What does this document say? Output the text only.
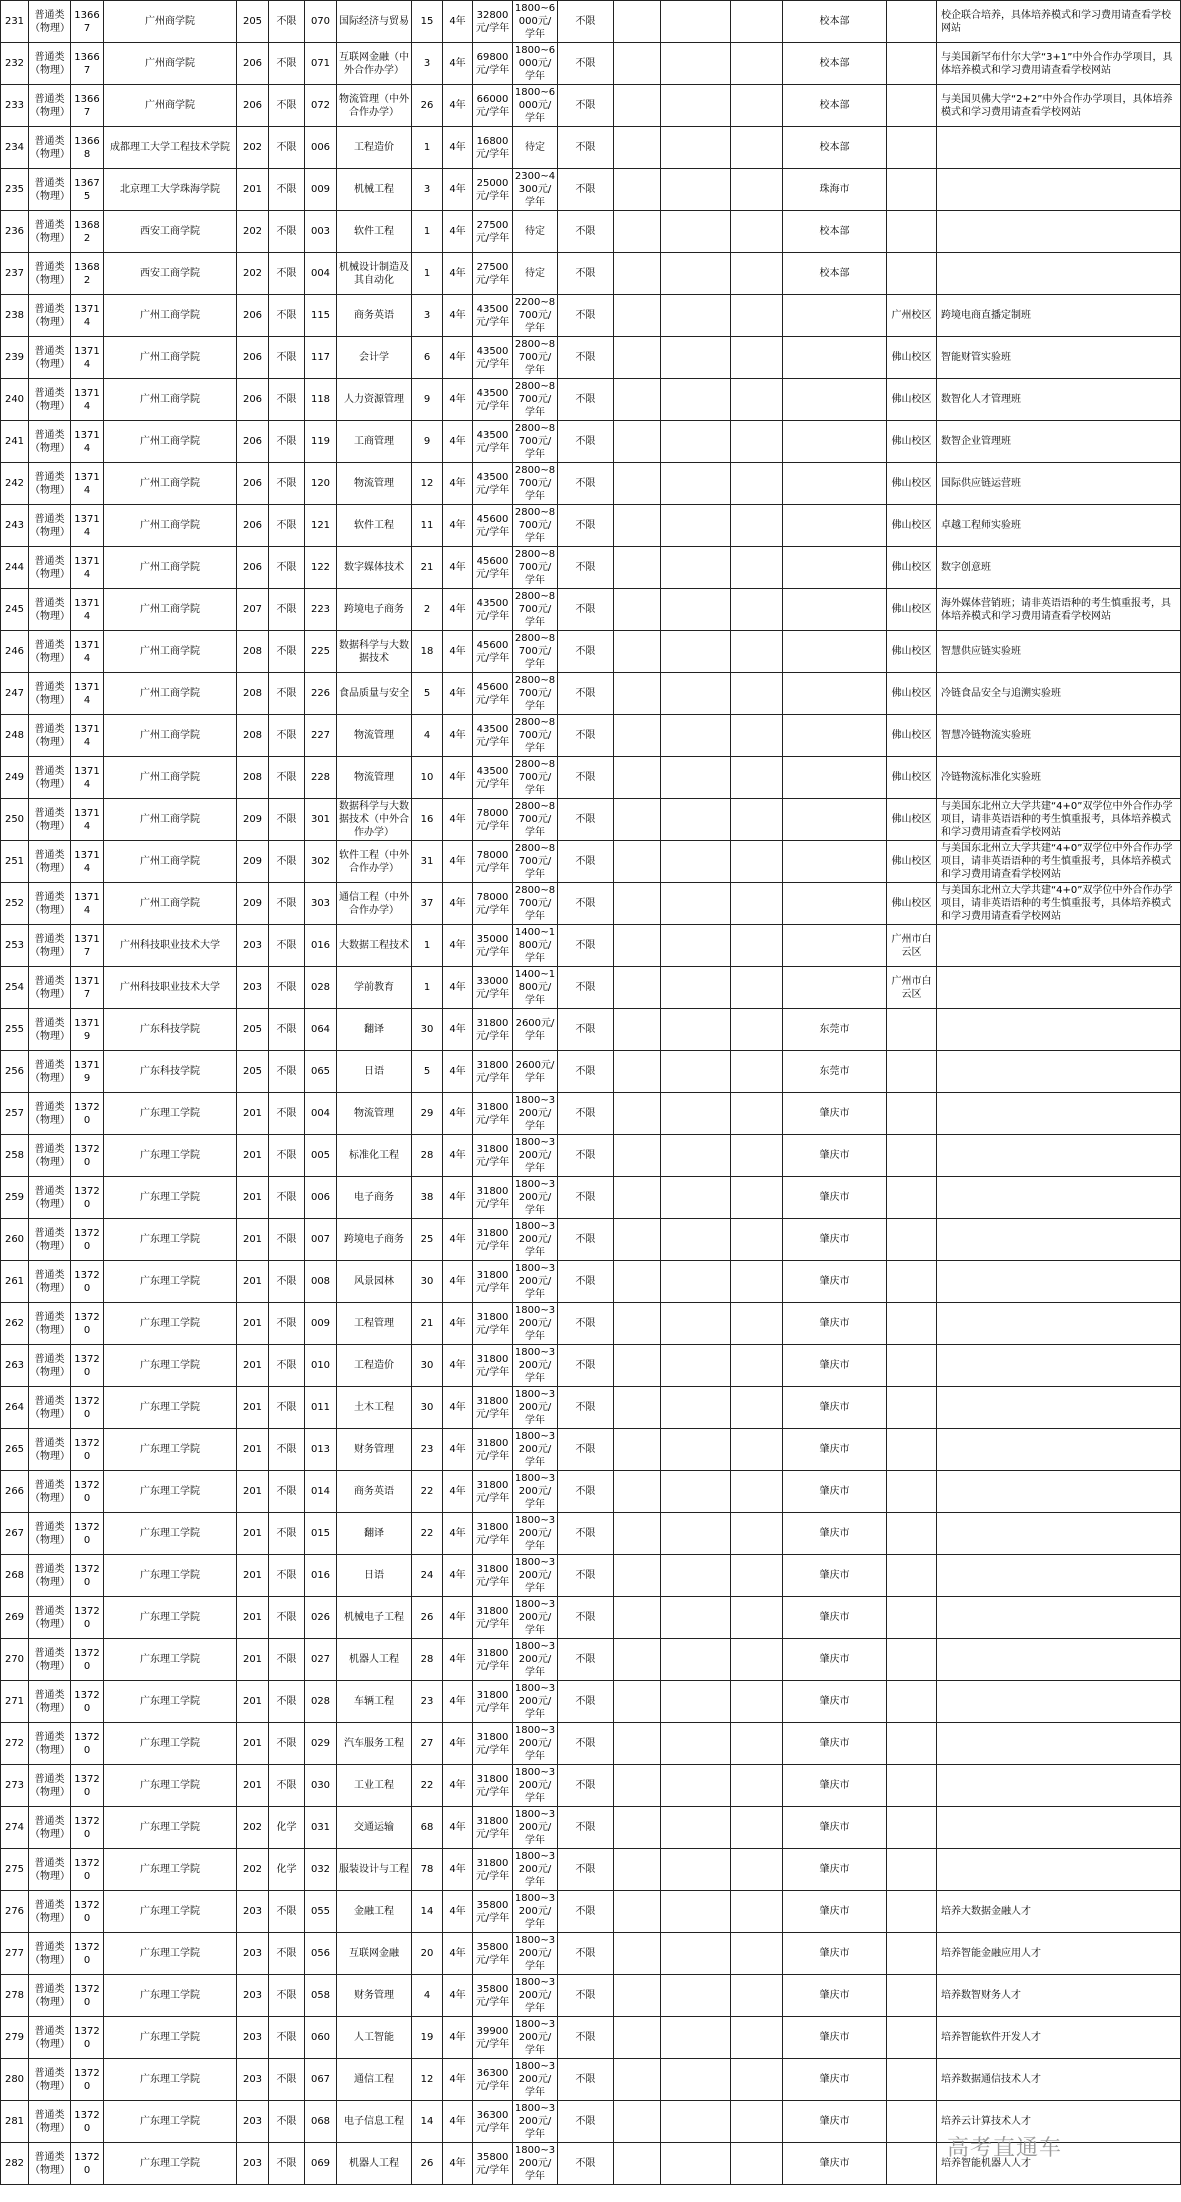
231	普通类（物理）	13667	广州商学院	205	不限	070	国际经济与贸易	15	4年	32800元/学年	1800~6000元/学年	不限				校本部		校企联合培养，具体培养模式和学习费用请查看学校网站
232	普通类（物理）	13667	广州商学院	206	不限	071	互联网金融（中外合作办学）	3	4年	69800元/学年	1800~6000元/学年	不限				校本部		与美国新罕布什尔大学“3+1”中外合作办学项目，具体培养模式和学习费用请查看学校网站
233	普通类（物理）	13667	广州商学院	206	不限	072	物流管理（中外合作办学）	26	4年	66000元/学年	1800~6000元/学年	不限				校本部		与美国贝佛大学“2+2”中外合作办学项目，具体培养模式和学习费用请查看学校网站
234	普通类（物理）	13668	成都理工大学工程技术学院	202	不限	006	工程造价	1	4年	16800元/学年	待定	不限				校本部		
235	普通类（物理）	13675	北京理工大学珠海学院	201	不限	009	机械工程	3	4年	25000元/学年	2300~4300元/学年	不限				珠海市		
236	普通类（物理）	13682	西安工商学院	202	不限	003	软件工程	1	4年	27500元/学年	待定	不限				校本部		
237	普通类（物理）	13682	西安工商学院	202	不限	004	机械设计制造及其自动化	1	4年	27500元/学年	待定	不限				校本部		
238	普通类（物理）	13714	广州工商学院	206	不限	115	商务英语	3	4年	43500元/学年	2200~8700元/学年	不限					广州校区	跨境电商直播定制班
239	普通类（物理）	13714	广州工商学院	206	不限	117	会计学	6	4年	43500元/学年	2800~8700元/学年	不限					佛山校区	智能财管实验班
240	普通类（物理）	13714	广州工商学院	206	不限	118	人力资源管理	9	4年	43500元/学年	2800~8700元/学年	不限					佛山校区	数智化人才管理班
241	普通类（物理）	13714	广州工商学院	206	不限	119	工商管理	9	4年	43500元/学年	2800~8700元/学年	不限					佛山校区	数智企业管理班
242	普通类（物理）	13714	广州工商学院	206	不限	120	物流管理	12	4年	43500元/学年	2800~8700元/学年	不限					佛山校区	国际供应链运营班
243	普通类（物理）	13714	广州工商学院	206	不限	121	软件工程	11	4年	45600元/学年	2800~8700元/学年	不限					佛山校区	卓越工程师实验班
244	普通类（物理）	13714	广州工商学院	206	不限	122	数字媒体技术	21	4年	45600元/学年	2800~8700元/学年	不限					佛山校区	数字创意班
245	普通类（物理）	13714	广州工商学院	207	不限	223	跨境电子商务	2	4年	43500元/学年	2800~8700元/学年	不限					佛山校区	海外媒体营销班；请非英语语种的考生慎重报考，具体培养模式和学习费用请查看学校网站
246	普通类（物理）	13714	广州工商学院	208	不限	225	数据科学与大数据技术	18	4年	45600元/学年	2800~8700元/学年	不限					佛山校区	智慧供应链实验班
247	普通类（物理）	13714	广州工商学院	208	不限	226	食品质量与安全	5	4年	45600元/学年	2800~8700元/学年	不限					佛山校区	冷链食品安全与追溯实验班
248	普通类（物理）	13714	广州工商学院	208	不限	227	物流管理	4	4年	43500元/学年	2800~8700元/学年	不限					佛山校区	智慧冷链物流实验班
249	普通类（物理）	13714	广州工商学院	208	不限	228	物流管理	10	4年	43500元/学年	2800~8700元/学年	不限					佛山校区	冷链物流标准化实验班
250	普通类（物理）	13714	广州工商学院	209	不限	301	数据科学与大数据技术（中外合作办学）	16	4年	78000元/学年	2800~8700元/学年	不限					佛山校区	与美国东北州立大学共建“4+0”双学位中外合作办学项目，请非英语语种的考生慎重报考，具体培养模式和学习费用请查看学校网站
251	普通类（物理）	13714	广州工商学院	209	不限	302	软件工程（中外合作办学）	31	4年	78000元/学年	2800~8700元/学年	不限					佛山校区	与美国东北州立大学共建“4+0”双学位中外合作办学项目，请非英语语种的考生慎重报考，具体培养模式和学习费用请查看学校网站
252	普通类（物理）	13714	广州工商学院	209	不限	303	通信工程（中外合作办学）	37	4年	78000元/学年	2800~8700元/学年	不限					佛山校区	与美国东北州立大学共建“4+0”双学位中外合作办学项目，请非英语语种的考生慎重报考，具体培养模式和学习费用请查看学校网站
253	普通类（物理）	13717	广州科技职业技术大学	203	不限	016	大数据工程技术	1	4年	35000元/学年	1400~1800元/学年	不限					广州市白云区	
254	普通类（物理）	13717	广州科技职业技术大学	203	不限	028	学前教育	1	4年	33000元/学年	1400~1800元/学年	不限					广州市白云区	
255	普通类（物理）	13719	广东科技学院	205	不限	064	翻译	30	4年	31800元/学年	2600元/学年	不限				东莞市		
256	普通类（物理）	13719	广东科技学院	205	不限	065	日语	5	4年	31800元/学年	2600元/学年	不限				东莞市		
257	普通类（物理）	13720	广东理工学院	201	不限	004	物流管理	29	4年	31800元/学年	1800~3200元/学年	不限				肇庆市		
258	普通类（物理）	13720	广东理工学院	201	不限	005	标准化工程	28	4年	31800元/学年	1800~3200元/学年	不限				肇庆市		
259	普通类（物理）	13720	广东理工学院	201	不限	006	电子商务	38	4年	31800元/学年	1800~3200元/学年	不限				肇庆市		
260	普通类（物理）	13720	广东理工学院	201	不限	007	跨境电子商务	25	4年	31800元/学年	1800~3200元/学年	不限				肇庆市		
261	普通类（物理）	13720	广东理工学院	201	不限	008	风景园林	30	4年	31800元/学年	1800~3200元/学年	不限				肇庆市		
262	普通类（物理）	13720	广东理工学院	201	不限	009	工程管理	21	4年	31800元/学年	1800~3200元/学年	不限				肇庆市		
263	普通类（物理）	13720	广东理工学院	201	不限	010	工程造价	30	4年	31800元/学年	1800~3200元/学年	不限				肇庆市		
264	普通类（物理）	13720	广东理工学院	201	不限	011	土木工程	30	4年	31800元/学年	1800~3200元/学年	不限				肇庆市		
265	普通类（物理）	13720	广东理工学院	201	不限	013	财务管理	23	4年	31800元/学年	1800~3200元/学年	不限				肇庆市		
266	普通类（物理）	13720	广东理工学院	201	不限	014	商务英语	22	4年	31800元/学年	1800~3200元/学年	不限				肇庆市		
267	普通类（物理）	13720	广东理工学院	201	不限	015	翻译	22	4年	31800元/学年	1800~3200元/学年	不限				肇庆市		
268	普通类（物理）	13720	广东理工学院	201	不限	016	日语	24	4年	31800元/学年	1800~3200元/学年	不限				肇庆市		
269	普通类（物理）	13720	广东理工学院	201	不限	026	机械电子工程	26	4年	31800元/学年	1800~3200元/学年	不限				肇庆市		
270	普通类（物理）	13720	广东理工学院	201	不限	027	机器人工程	28	4年	31800元/学年	1800~3200元/学年	不限				肇庆市		
271	普通类（物理）	13720	广东理工学院	201	不限	028	车辆工程	23	4年	31800元/学年	1800~3200元/学年	不限				肇庆市		
272	普通类（物理）	13720	广东理工学院	201	不限	029	汽车服务工程	27	4年	31800元/学年	1800~3200元/学年	不限				肇庆市		
273	普通类（物理）	13720	广东理工学院	201	不限	030	工业工程	22	4年	31800元/学年	1800~3200元/学年	不限				肇庆市		
274	普通类（物理）	13720	广东理工学院	202	化学	031	交通运输	68	4年	31800元/学年	1800~3200元/学年	不限				肇庆市		
275	普通类（物理）	13720	广东理工学院	202	化学	032	服装设计与工程	78	4年	31800元/学年	1800~3200元/学年	不限				肇庆市		
276	普通类（物理）	13720	广东理工学院	203	不限	055	金融工程	14	4年	35800元/学年	1800~3200元/学年	不限				肇庆市		培养大数据金融人才
277	普通类（物理）	13720	广东理工学院	203	不限	056	互联网金融	20	4年	35800元/学年	1800~3200元/学年	不限				肇庆市		培养智能金融应用人才
278	普通类（物理）	13720	广东理工学院	203	不限	058	财务管理	4	4年	35800元/学年	1800~3200元/学年	不限				肇庆市		培养数智财务人才
279	普通类（物理）	13720	广东理工学院	203	不限	060	人工智能	19	4年	39900元/学年	1800~3200元/学年	不限				肇庆市		培养智能软件开发人才
280	普通类（物理）	13720	广东理工学院	203	不限	067	通信工程	12	4年	36300元/学年	1800~3200元/学年	不限				肇庆市		培养数据通信技术人才
281	普通类（物理）	13720	广东理工学院	203	不限	068	电子信息工程	14	4年	36300元/学年	1800~3200元/学年	不限				肇庆市		培养云计算技术人才
282	普通类（物理）	13720	广东理工学院	203	不限	069	机器人工程	26	4年	35800元/学年	1800~3200元/学年	不限				肇庆市		培养智能机器人人才
高考直通车
